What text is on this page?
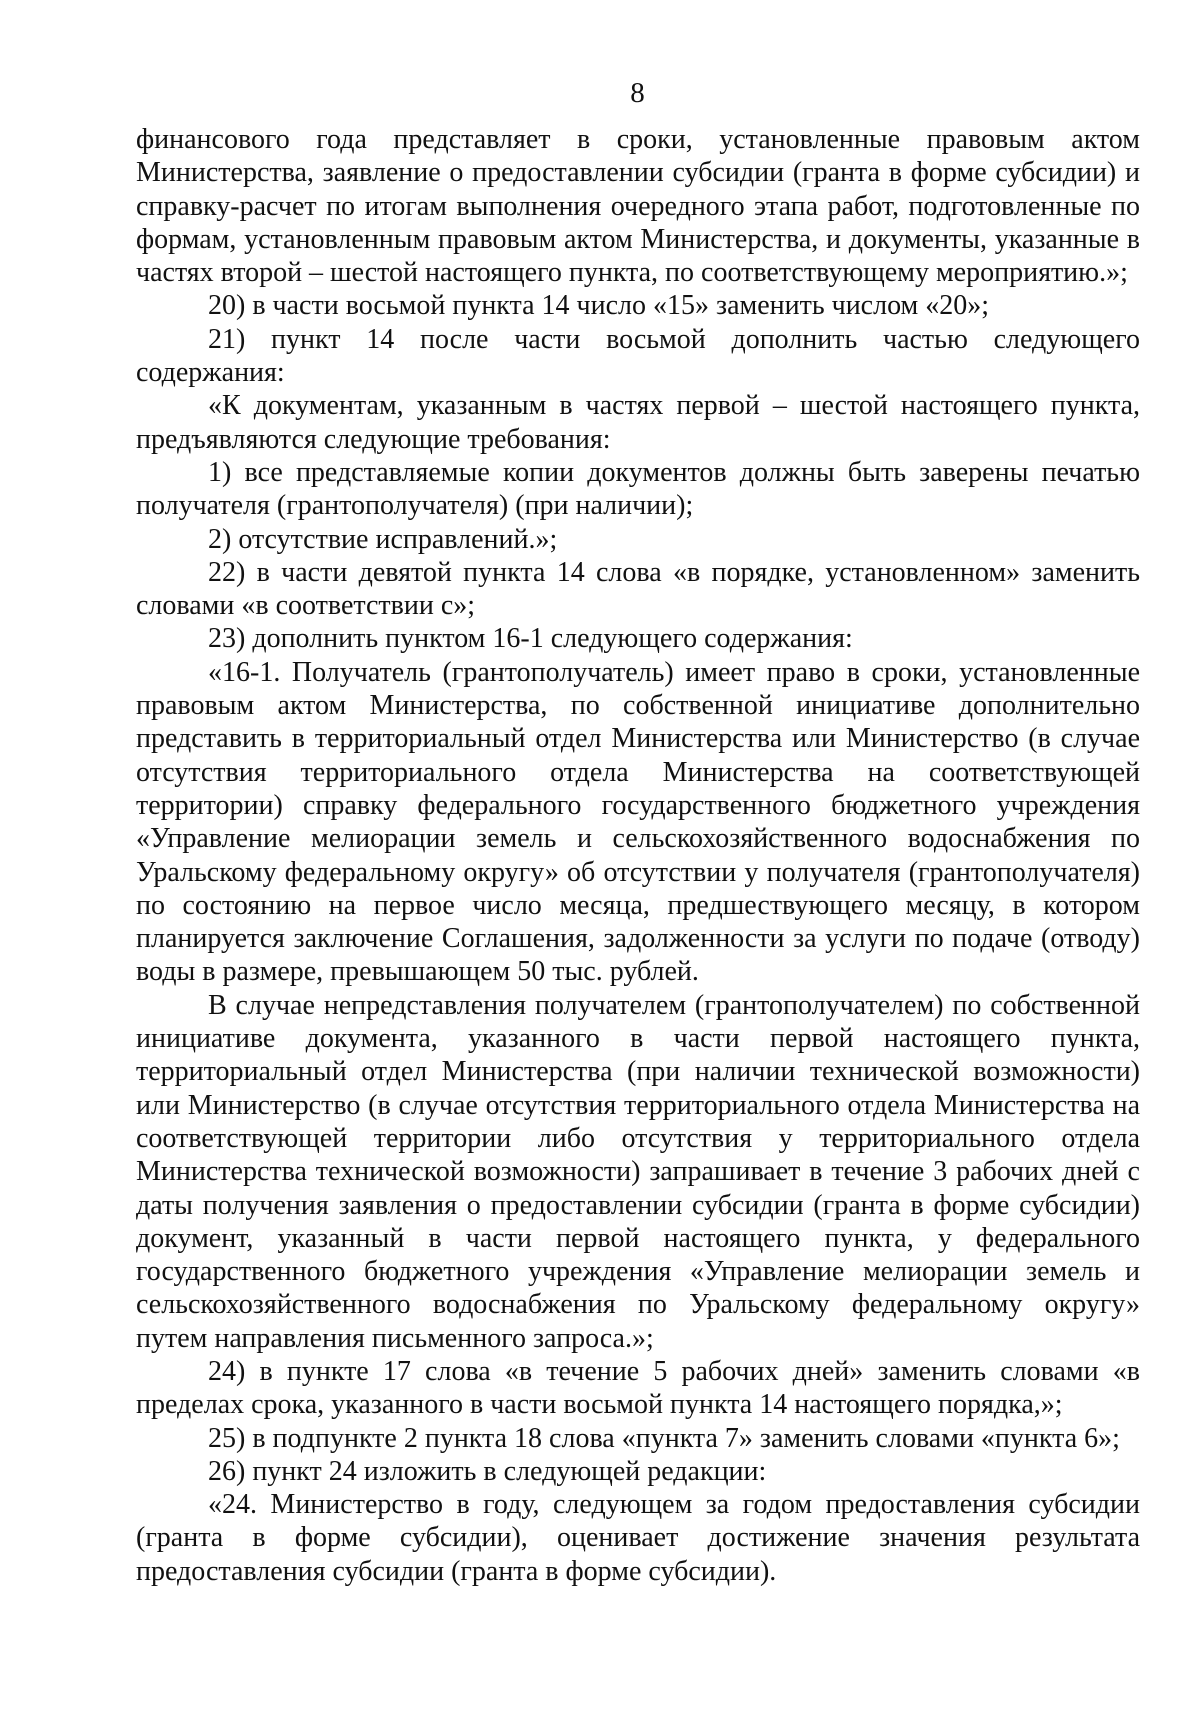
8

финансового года представляет в сроки, установленные правовым актом Министерства, заявление о предоставлении субсидии (гранта в форме субсидии) и справку-расчет по итогам выполнения очередного этапа работ, подготовленные по формам, установленным правовым актом Министерства, и документы, указанные в частях второй – шестой настоящего пункта, по соответствующему мероприятию.»;

20) в части восьмой пункта 14 число «15» заменить числом «20»;

21) пункт 14 после части восьмой дополнить частью следующего содержания:

«К документам, указанным в частях первой – шестой настоящего пункта, предъявляются следующие требования:

1) все представляемые копии документов должны быть заверены печатью получателя (грантополучателя) (при наличии);

2) отсутствие исправлений.»;

22) в части девятой пункта 14 слова «в порядке, установленном» заменить словами «в соответствии с»;

23) дополнить пунктом 16-1 следующего содержания:

«16-1. Получатель (грантополучатель) имеет право в сроки, установленные правовым актом Министерства, по собственной инициативе дополнительно представить в территориальный отдел Министерства или Министерство (в случае отсутствия территориального отдела Министерства на соответствующей территории) справку федерального государственного бюджетного учреждения «Управление мелиорации земель и сельскохозяйственного водоснабжения по Уральскому федеральному округу» об отсутствии у получателя (грантополучателя) по состоянию на первое число месяца, предшествующего месяцу, в котором планируется заключение Соглашения, задолженности за услуги по подаче (отводу) воды в размере, превышающем 50 тыс. рублей.

В случае непредставления получателем (грантополучателем) по собственной инициативе документа, указанного в части первой настоящего пункта, территориальный отдел Министерства (при наличии технической возможности) или Министерство (в случае отсутствия территориального отдела Министерства на соответствующей территории либо отсутствия у территориального отдела Министерства технической возможности) запрашивает в течение 3 рабочих дней с даты получения заявления о предоставлении субсидии (гранта в форме субсидии) документ, указанный в части первой настоящего пункта, у федерального государственного бюджетного учреждения «Управление мелиорации земель и сельскохозяйственного водоснабжения по Уральскому федеральному округу» путем направления письменного запроса.»;

24) в пункте 17 слова «в течение 5 рабочих дней» заменить словами «в пределах срока, указанного в части восьмой пункта 14 настоящего порядка,»;

25) в подпункте 2 пункта 18 слова «пункта 7» заменить словами «пункта 6»;

26) пункт 24 изложить в следующей редакции:

«24. Министерство в году, следующем за годом предоставления субсидии (гранта в форме субсидии), оценивает достижение значения результата предоставления субсидии (гранта в форме субсидии).
